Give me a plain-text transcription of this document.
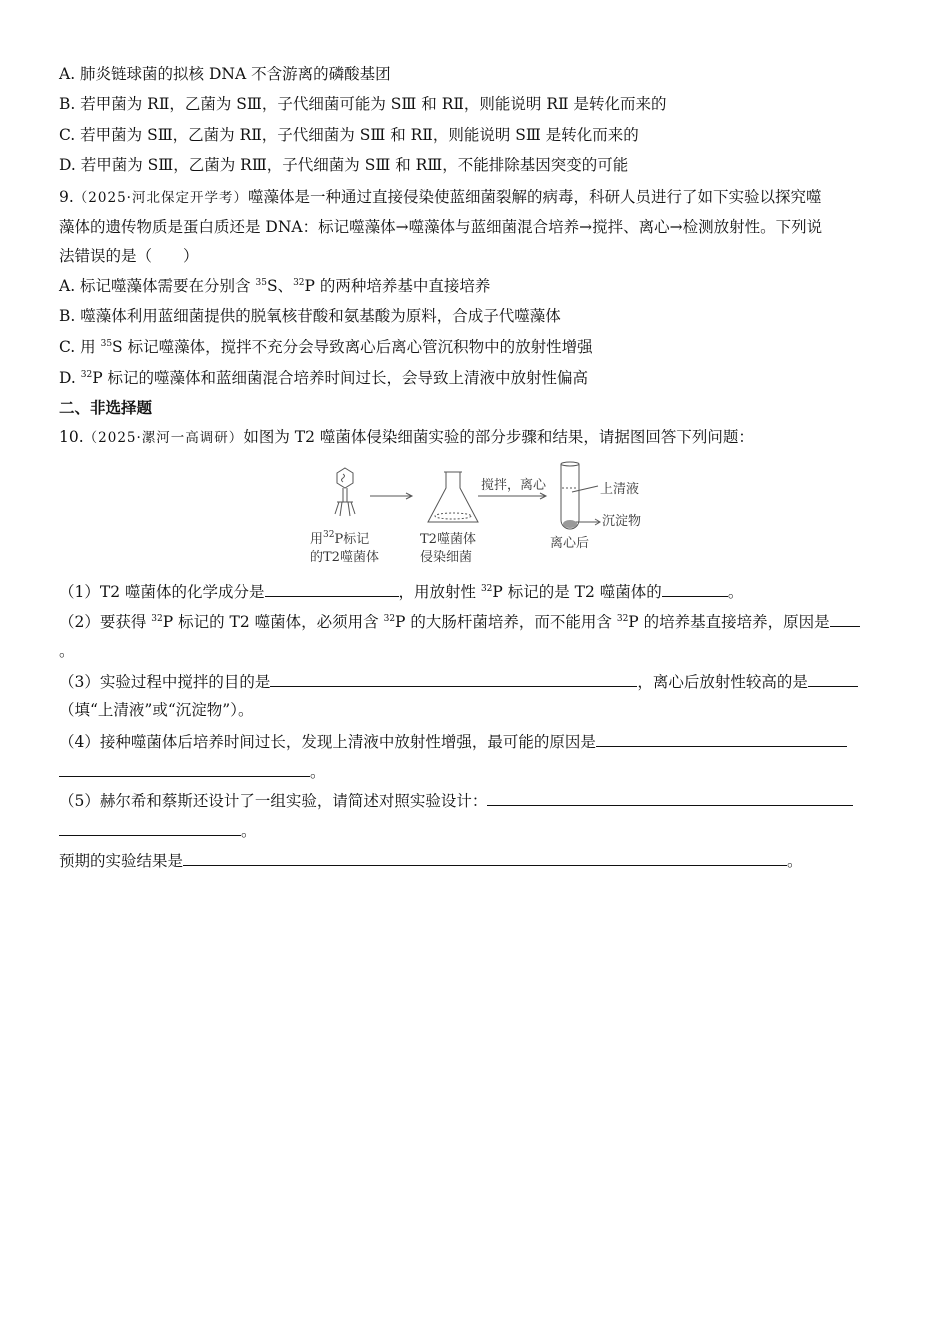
A. 肺炎链球菌的拟核 DNA 不含游离的磷酸基团
B. 若甲菌为 RⅡ，乙菌为 SⅢ，子代细菌可能为 SⅢ 和 RⅡ，则能说明 RⅡ 是转化而来的
C. 若甲菌为 SⅢ，乙菌为 RⅡ，子代细菌为 SⅢ 和 RⅡ，则能说明 SⅢ 是转化而来的
D. 若甲菌为 SⅢ，乙菌为 RⅢ，子代细菌为 SⅢ 和 RⅢ，不能排除基因突变的可能
9.（2025·河北保定开学考）噬藻体是一种通过直接侵染使蓝细菌裂解的病毒，科研人员进行了如下实验以探究噬
藻体的遗传物质是蛋白质还是 DNA：标记噬藻体→噬藻体与蓝细菌混合培养→搅拌、离心→检测放射性。下列说
法错误的是（　　）
A. 标记噬藻体需要在分别含 $^{35}$S、$^{32}$P 的两种培养基中直接培养
B. 噬藻体利用蓝细菌提供的脱氧核苷酸和氨基酸为原料，合成子代噬藻体
C. 用 $^{35}$S 标记噬藻体，搅拌不充分会导致离心后离心管沉积物中的放射性增强
D. $^{32}$P 标记的噬藻体和蓝细菌混合培养时间过长，会导致上清液中放射性偏高
二、非选择题
10.（2025·漯河一高调研）如图为 T2 噬菌体侵染细菌实验的部分步骤和结果，请据图回答下列问题：
用$^{32}$P标记
的T2噬菌体
T2噬菌体
侵染细菌
搅拌，离心	上清液
沉淀物
离心后
（1）T2 噬菌体的化学成分是	，用放射性 $^{32}$P 标记的是 T2 噬菌体的	。
（2）要获得 $^{32}$P 标记的 T2 噬菌体，必须用含 $^{32}$P 的大肠杆菌培养，而不能用含 $^{32}$P 的培养基直接培养，原因是
。
（3）实验过程中搅拌的目的是	，离心后放射性较高的是
（填“上清液”或“沉淀物”）。
（4）接种噬菌体后培养时间过长，发现上清液中放射性增强，最可能的原因是
。
（5）赫尔希和蔡斯还设计了一组实验，请简述对照实验设计：
。
预期的实验结果是	。
